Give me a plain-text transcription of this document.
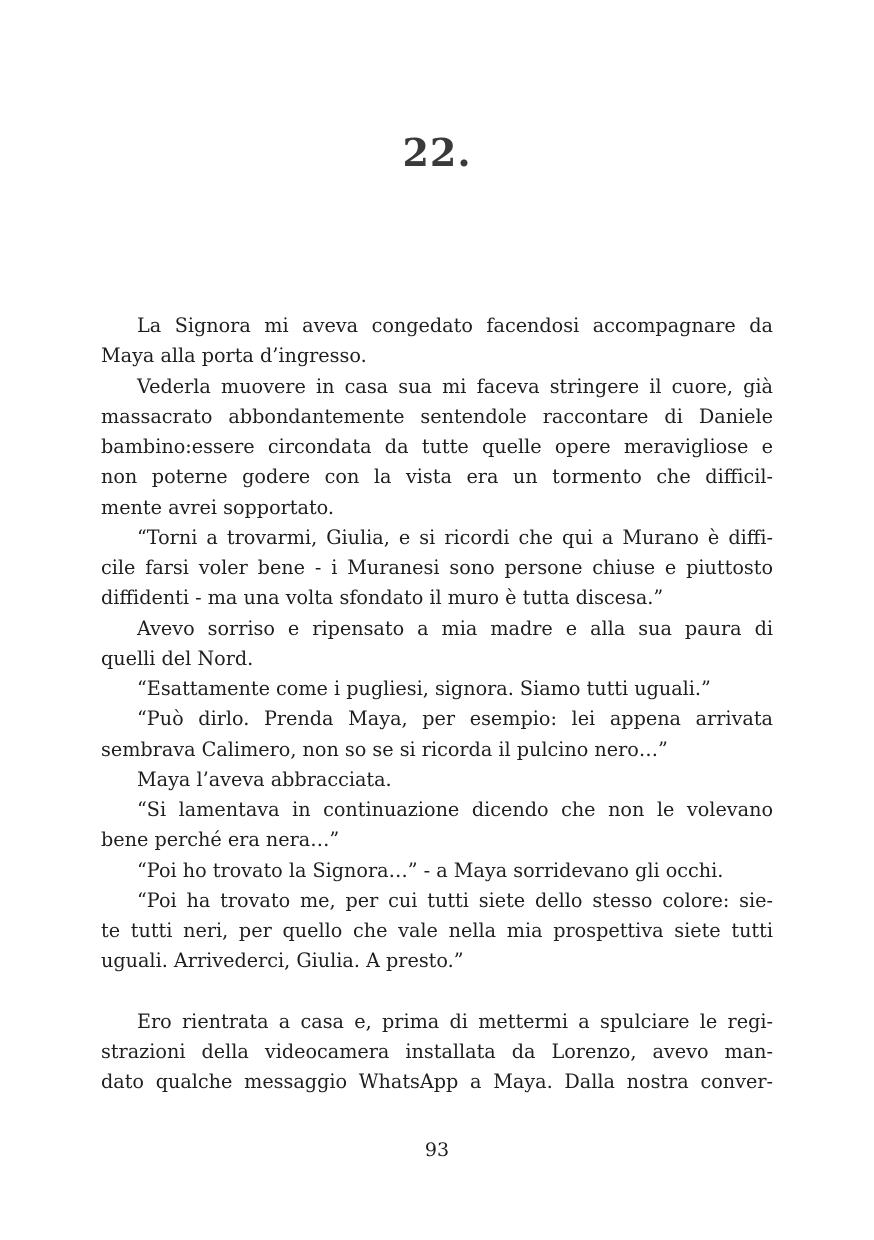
22.
La Signora mi aveva congedato facendosi accompagnare da
Maya alla porta d’ingresso.
Vederla muovere in casa sua mi faceva stringere il cuore, già
massacrato abbondantemente sentendole raccontare di Daniele
bambino:essere circondata da tutte quelle opere meravigliose e
non poterne godere con la vista era un tormento che difficil-
mente avrei sopportato.
“Torni a trovarmi, Giulia, e si ricordi che qui a Murano è diffi-
cile farsi voler bene - i Muranesi sono persone chiuse e piuttosto
diffidenti - ma una volta sfondato il muro è tutta discesa.”
Avevo sorriso e ripensato a mia madre e alla sua paura di
quelli del Nord.
“Esattamente come i pugliesi, signora. Siamo tutti uguali.”
“Può dirlo. Prenda Maya, per esempio: lei appena arrivata
sembrava Calimero, non so se si ricorda il pulcino nero…”
Maya l’aveva abbracciata.
“Si lamentava in continuazione dicendo che non le volevano
bene perché era nera…”
“Poi ho trovato la Signora…” - a Maya sorridevano gli occhi.
“Poi ha trovato me, per cui tutti siete dello stesso colore: sie-
te tutti neri, per quello che vale nella mia prospettiva siete tutti
uguali. Arrivederci, Giulia. A presto.”
Ero rientrata a casa e, prima di mettermi a spulciare le regi-
strazioni della videocamera installata da Lorenzo, avevo man-
dato qualche messaggio WhatsApp a Maya. Dalla nostra conver-
93
